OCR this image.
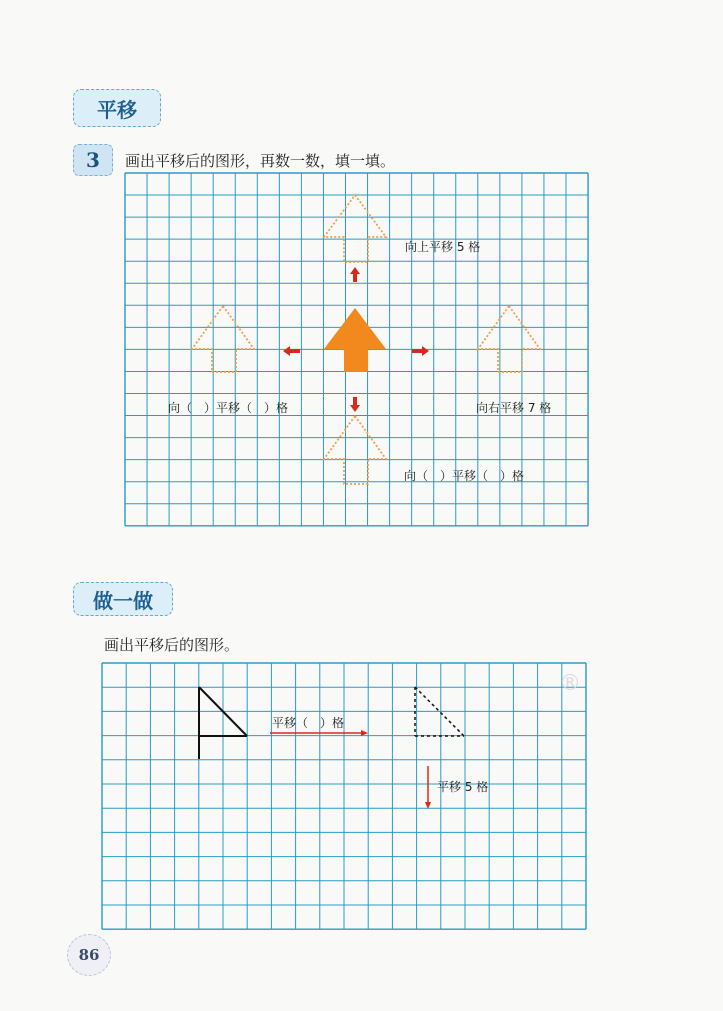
平移
3 画出平移后的图形，再数一数，填一填。
®
向上平移 5 格
向（　）平移（　）格	向右平移 7 格
向（　）平移（　）格
做一做
画出平移后的图形。
平移（　）格
平移 5 格
86
